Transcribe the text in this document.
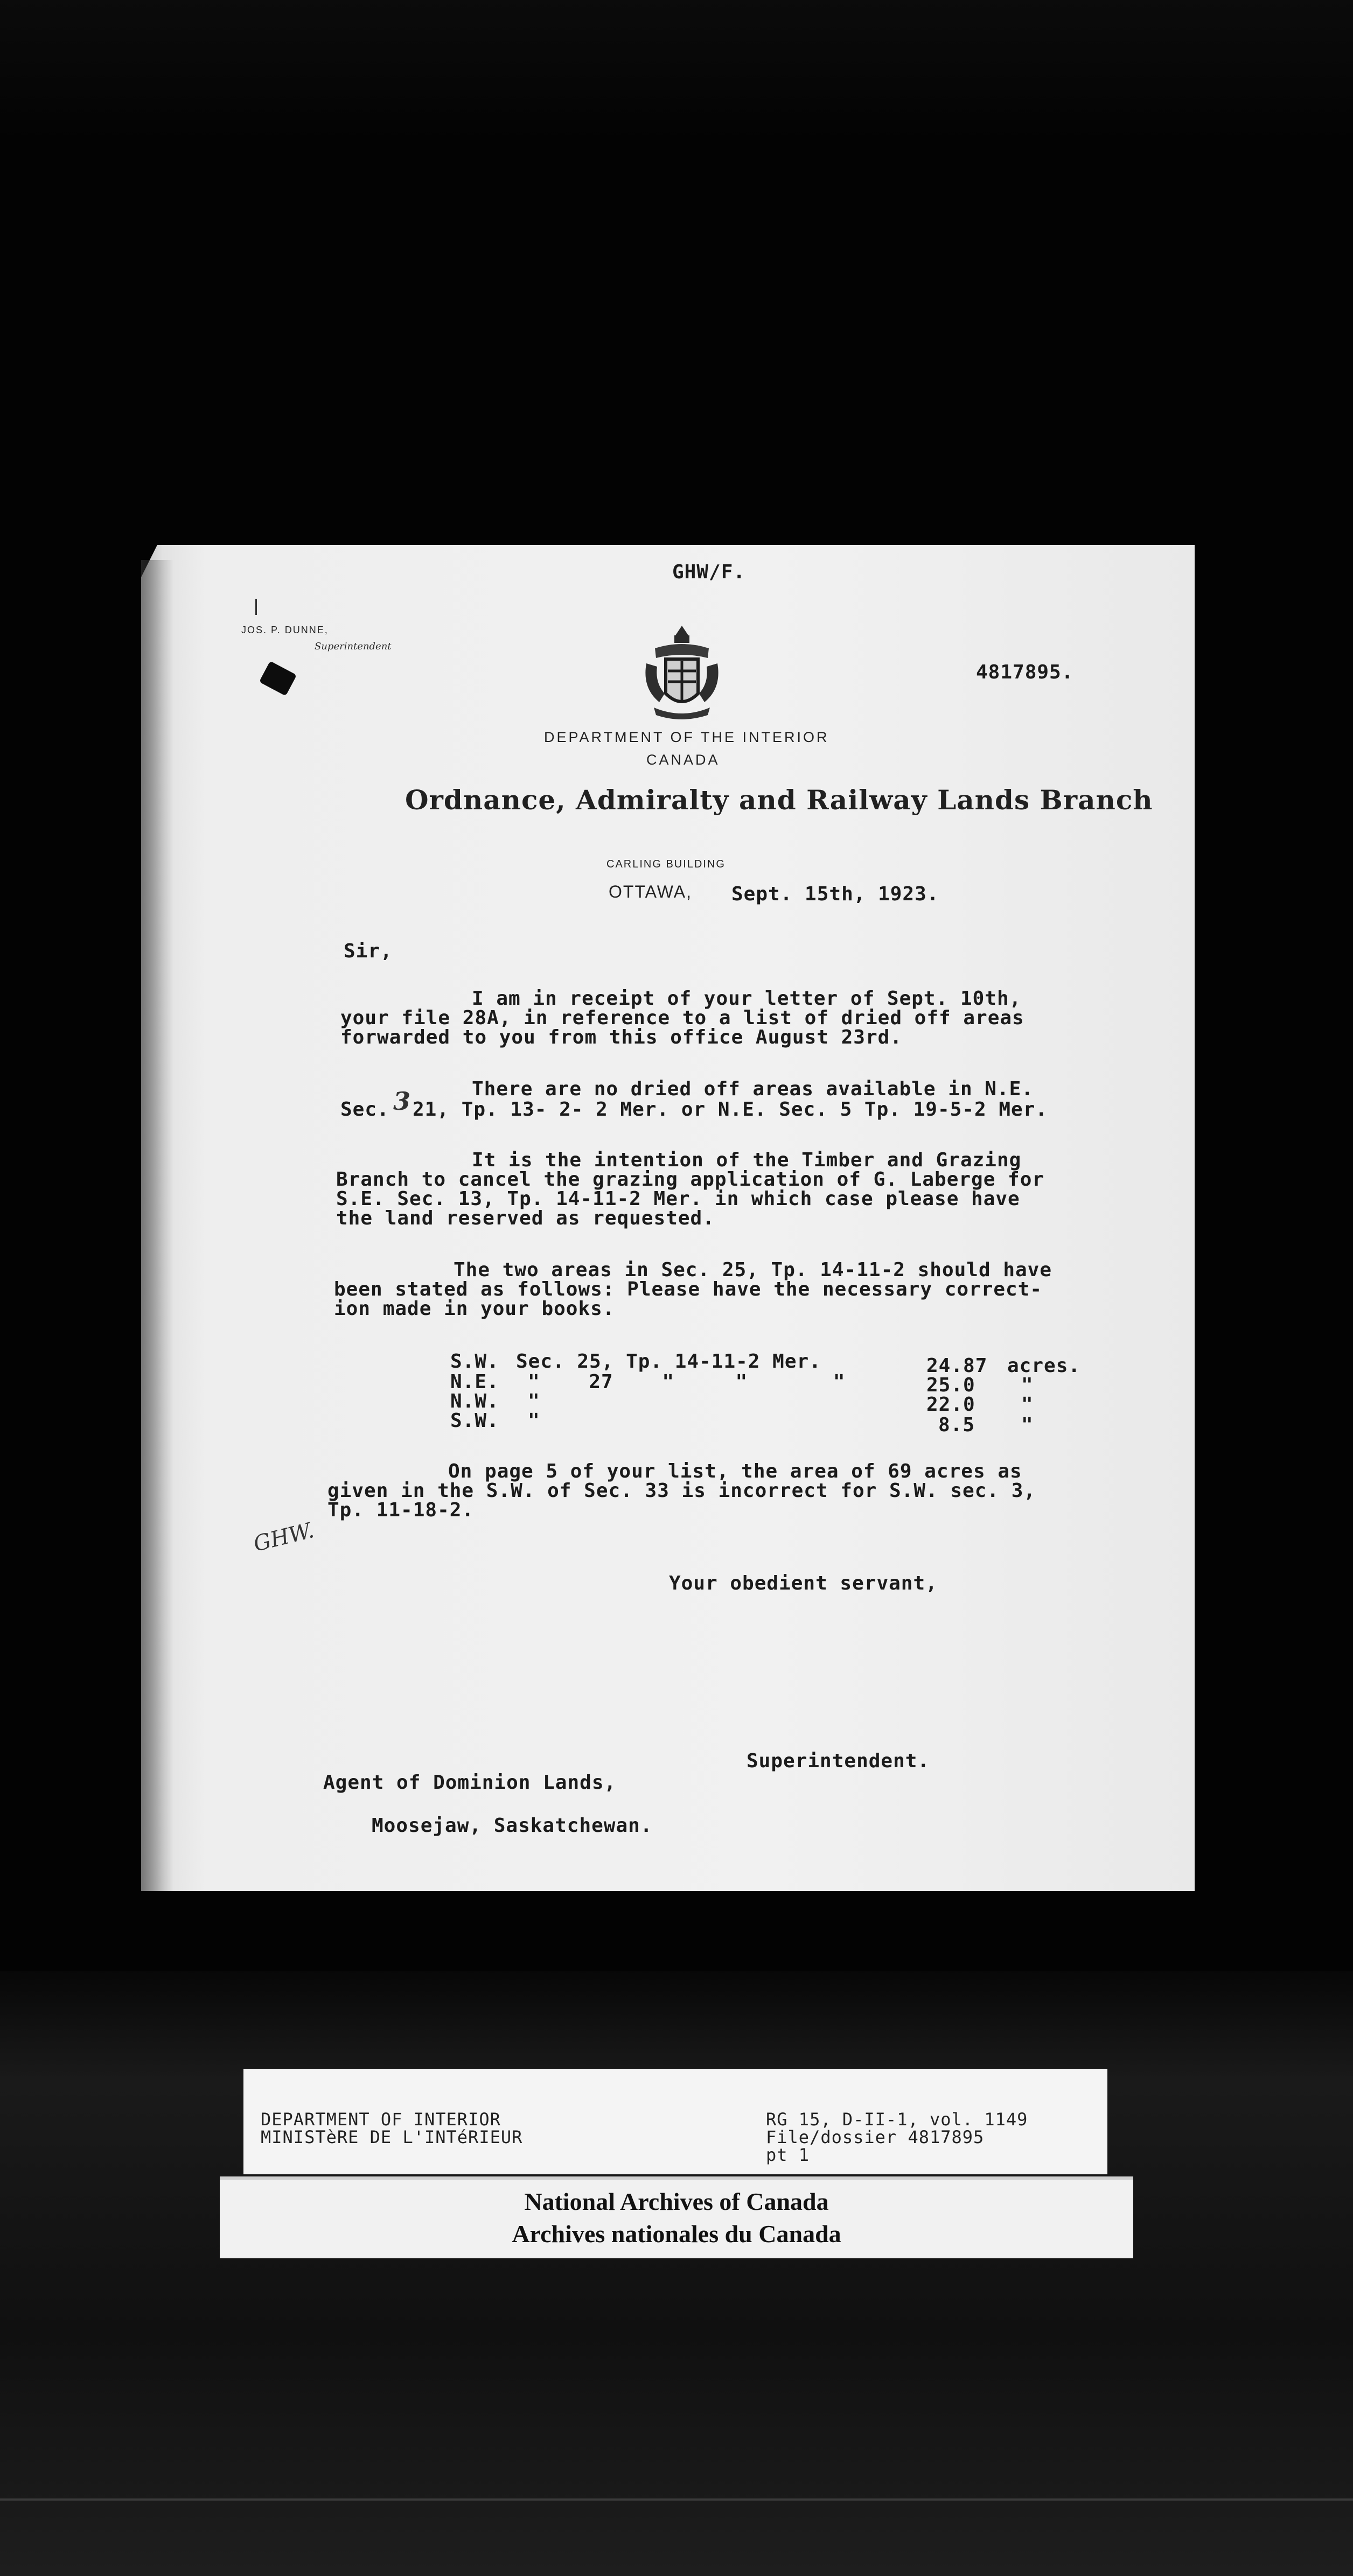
GHW/F.
JOS. P. DUNNE,
Superintendent
4817895.
DEPARTMENT OF THE INTERIOR
CANADA
Ordnance, Admiralty and Railway Lands Branch
CARLING BUILDING
OTTAWA, Sept. 15th, 1923.
Sir,
I am in receipt of your letter of Sept. 10th,
your file 28A, in reference to a list of dried off areas
forwarded to you from this office August 23rd.
There are no dried off areas available in N.E.
Sec. 3 21, Tp. 13- 2- 2 Mer. or N.E. Sec. 5 Tp. 19-5-2 Mer.
It is the intention of the Timber and Grazing
Branch to cancel the grazing application of G. Laberge for
S.E. Sec. 13, Tp. 14-11-2 Mer. in which case please have
the land reserved as requested.
The two areas in Sec. 25, Tp. 14-11-2 should have
been stated as follows: Please have the necessary correct-
ion made in your books.
S.W. Sec. 25, Tp. 14-11-2 Mer.	24.87 acres.
N.E. "    27    "     "       "	25.0 "
N.W. "	22.0 "
S.W. "	8.5 "
On page 5 of your list, the area of 69 acres as
given in the S.W. of Sec. 33 is incorrect for S.W. sec. 3,
Tp. 11-18-2.
GHW.
Your obedient servant,
Superintendent.
Agent of Dominion Lands,
Moosejaw, Saskatchewan.
DEPARTMENT OF INTERIOR
MINISTèRE DE L'INTéRIEUR
RG 15, D-II-1, vol. 1149
File/dossier 4817895
pt 1
National Archives of Canada
Archives nationales du Canada
